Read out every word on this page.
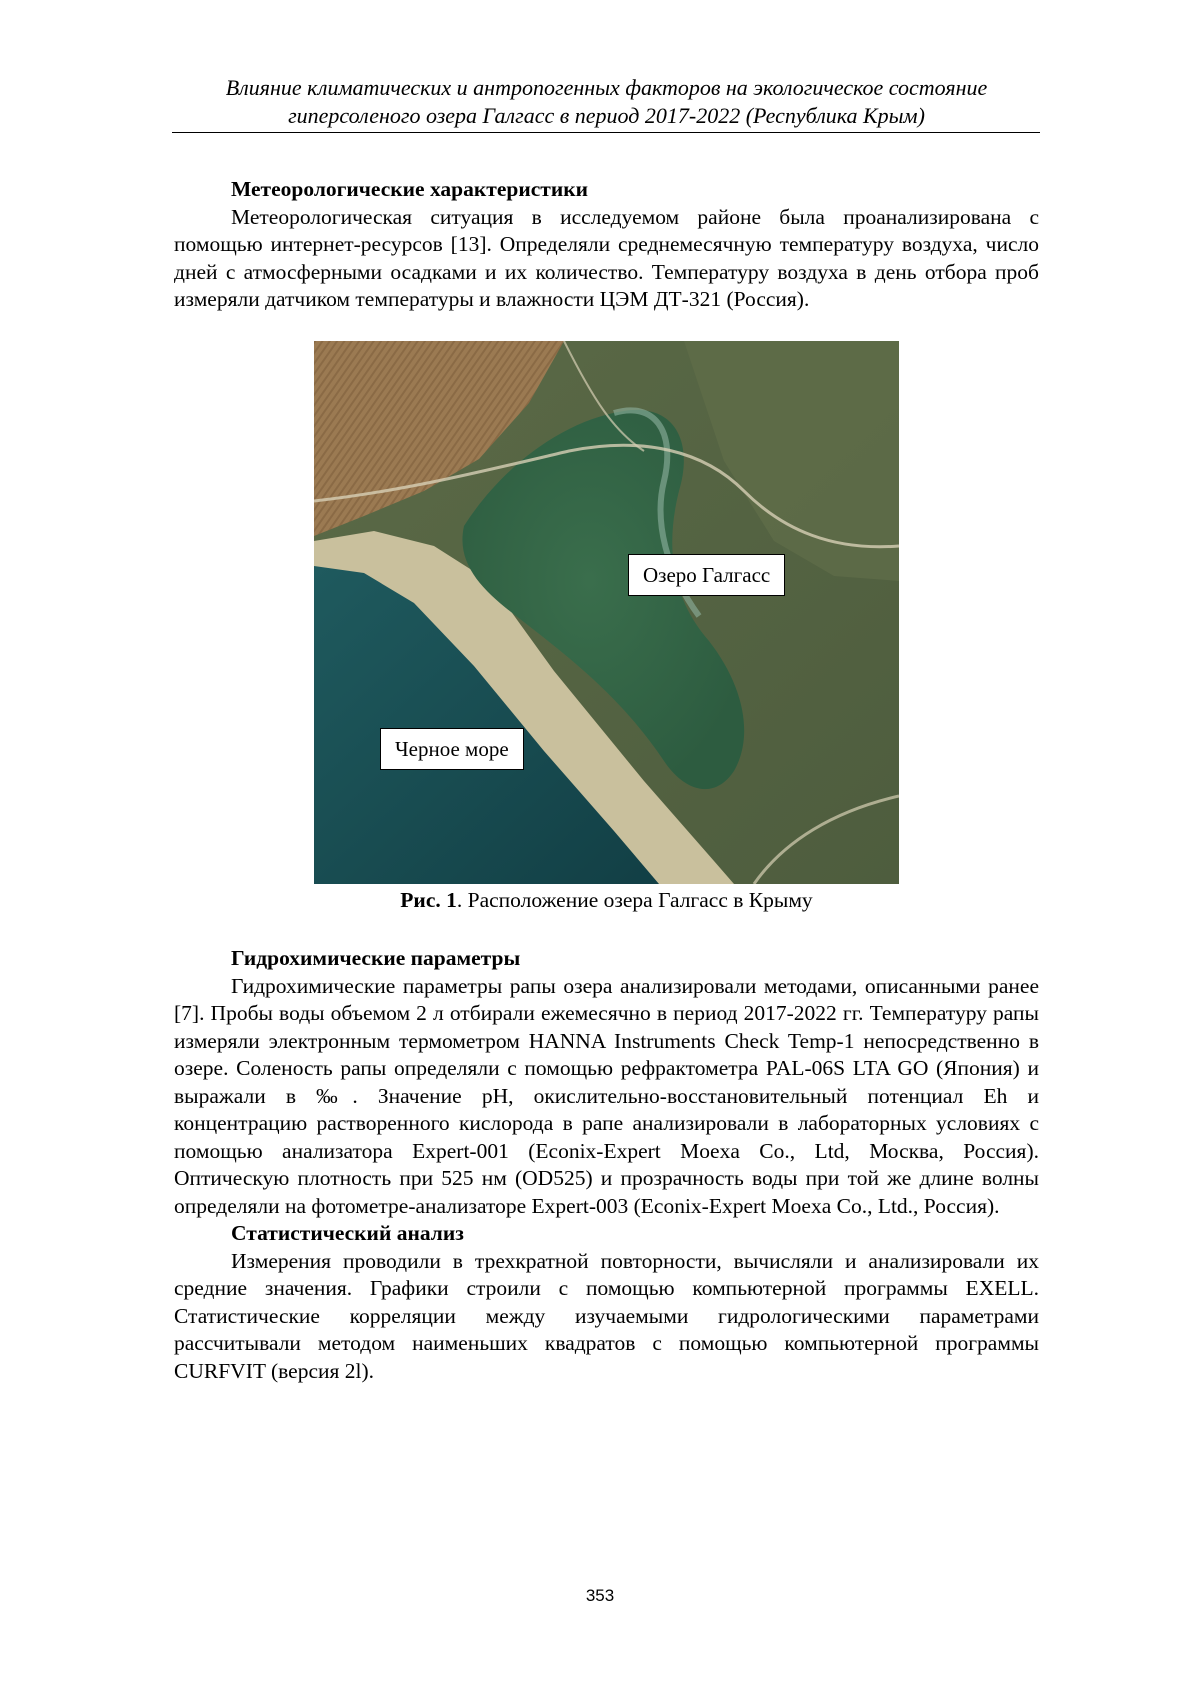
Влияние климатических и антропогенных факторов на экологическое состояние
гиперсоленого озера Галгасс в период 2017-2022 (Республика Крым)

Метеорологические характеристики

Метеорологическая ситуация в исследуемом районе была проанализирована с помощью интернет-ресурсов [13]. Определяли среднемесячную температуру воздуха, число дней с атмосферными осадками и их количество. Температуру воздуха в день отбора проб измеряли датчиком температуры и влажности ЦЭМ ДТ-321 (Россия).

Озеро Галгасс
Черное море
Рис. 1. Расположение озера Галгасс в Крыму

Гидрохимические параметры

Гидрохимические параметры рапы озера анализировали методами, описанными ранее [7]. Пробы воды объемом 2 л отбирали ежемесячно в период 2017-2022 гг. Температуру рапы измеряли электронным термометром HANNA Instruments Check Temp-1 непосредственно в озере. Соленость рапы определяли с помощью рефрактометра PAL-06S LTA GO (Япония) и выражали в ‰. Значение pH, окислительно-восстановительный потенциал Eh и концентрацию растворенного кислорода в рапе анализировали в лабораторных условиях с помощью анализатора Expert-001 (Econix-Expert Moexa Co., Ltd, Москва, Россия). Оптическую плотность при 525 нм (OD525) и прозрачность воды при той же длине волны определяли на фотометре-анализаторе Expert-003 (Econix-Expert Moexa Co., Ltd., Россия).

Статистический анализ

Измерения проводили в трехкратной повторности, вычисляли и анализировали их средние значения. Графики строили с помощью компьютерной программы EXELL. Статистические корреляции между изучаемыми гидрологическими параметрами рассчитывали методом наименьших квадратов с помощью компьютерной программы CURFVIT (версия 2l).

353
